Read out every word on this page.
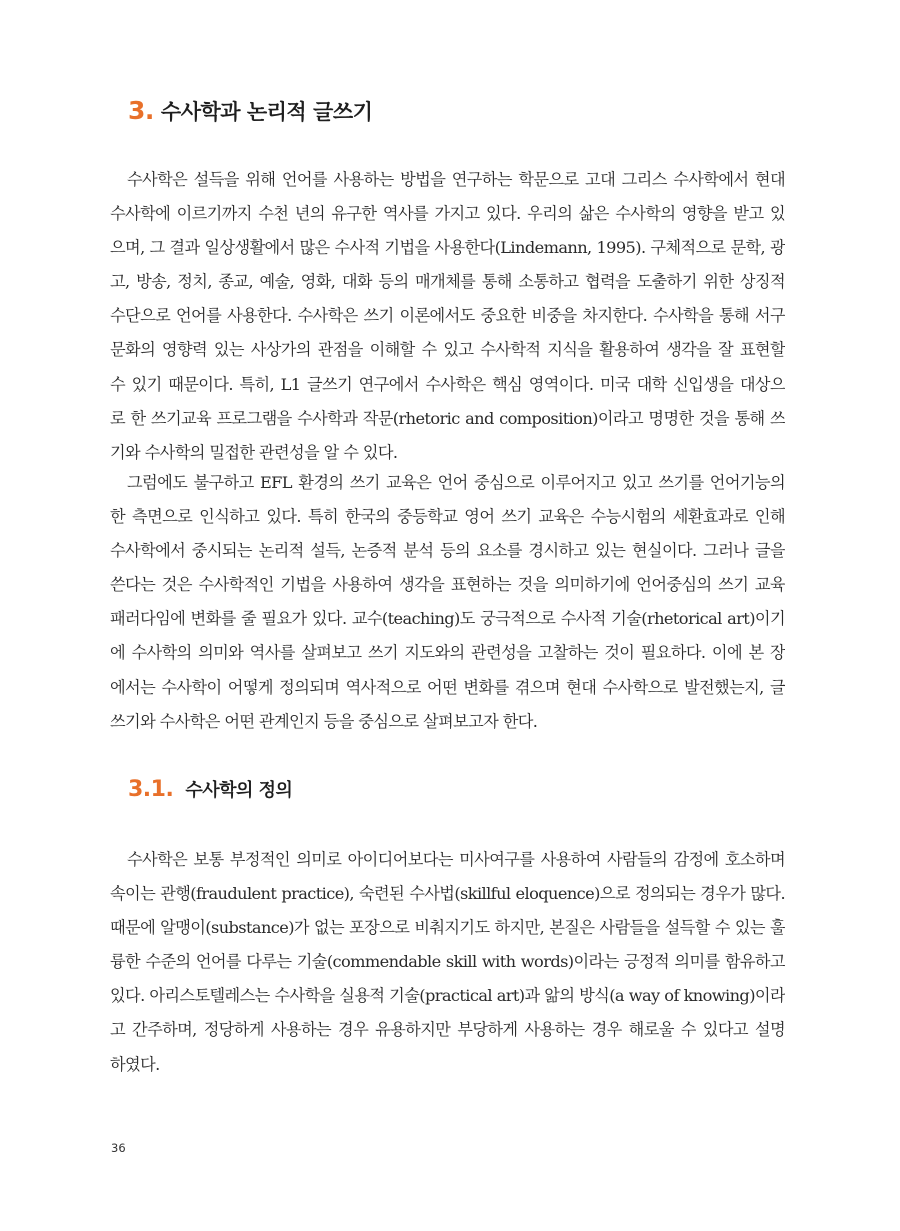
3. 수사학과 논리적 글쓰기
수사학은 설득을 위해 언어를 사용하는 방법을 연구하는 학문으로 고대 그리스 수사학에서 현대
수사학에 이르기까지 수천 년의 유구한 역사를 가지고 있다. 우리의 삶은 수사학의 영향을 받고 있
으며, 그 결과 일상생활에서 많은 수사적 기법을 사용한다(Lindemann, 1995). 구체적으로 문학, 광
고, 방송, 정치, 종교, 예술, 영화, 대화 등의 매개체를 통해 소통하고 협력을 도출하기 위한 상징적
수단으로 언어를 사용한다. 수사학은 쓰기 이론에서도 중요한 비중을 차지한다. 수사학을 통해 서구
문화의 영향력 있는 사상가의 관점을 이해할 수 있고 수사학적 지식을 활용하여 생각을 잘 표현할
수 있기 때문이다. 특히, L1 글쓰기 연구에서 수사학은 핵심 영역이다. 미국 대학 신입생을 대상으
로 한 쓰기교육 프로그램을 수사학과 작문(rhetoric and composition)이라고 명명한 것을 통해 쓰
기와 수사학의 밀접한 관련성을 알 수 있다.
그럼에도 불구하고 EFL 환경의 쓰기 교육은 언어 중심으로 이루어지고 있고 쓰기를 언어기능의
한 측면으로 인식하고 있다. 특히 한국의 중등학교 영어 쓰기 교육은 수능시험의 세환효과로 인해
수사학에서 중시되는 논리적 설득, 논증적 분석 등의 요소를 경시하고 있는 현실이다. 그러나 글을
쓴다는 것은 수사학적인 기법을 사용하여 생각을 표현하는 것을 의미하기에 언어중심의 쓰기 교육
패러다임에 변화를 줄 필요가 있다. 교수(teaching)도 궁극적으로 수사적 기술(rhetorical art)이기
에 수사학의 의미와 역사를 살펴보고 쓰기 지도와의 관련성을 고찰하는 것이 필요하다. 이에 본 장
에서는 수사학이 어떻게 정의되며 역사적으로 어떤 변화를 겪으며 현대 수사학으로 발전했는지, 글
쓰기와 수사학은 어떤 관계인지 등을 중심으로 살펴보고자 한다.
3.1. 수사학의 정의
수사학은 보통 부정적인 의미로 아이디어보다는 미사여구를 사용하여 사람들의 감정에 호소하며
속이는 관행(fraudulent practice), 숙련된 수사법(skillful eloquence)으로 정의되는 경우가 많다.
때문에 알맹이(substance)가 없는 포장으로 비춰지기도 하지만, 본질은 사람들을 설득할 수 있는 훌
륭한 수준의 언어를 다루는 기술(commendable skill with words)이라는 긍정적 의미를 함유하고
있다. 아리스토텔레스는 수사학을 실용적 기술(practical art)과 앎의 방식(a way of knowing)이라
고 간주하며, 정당하게 사용하는 경우 유용하지만 부당하게 사용하는 경우 해로울 수 있다고 설명
하였다.
36
